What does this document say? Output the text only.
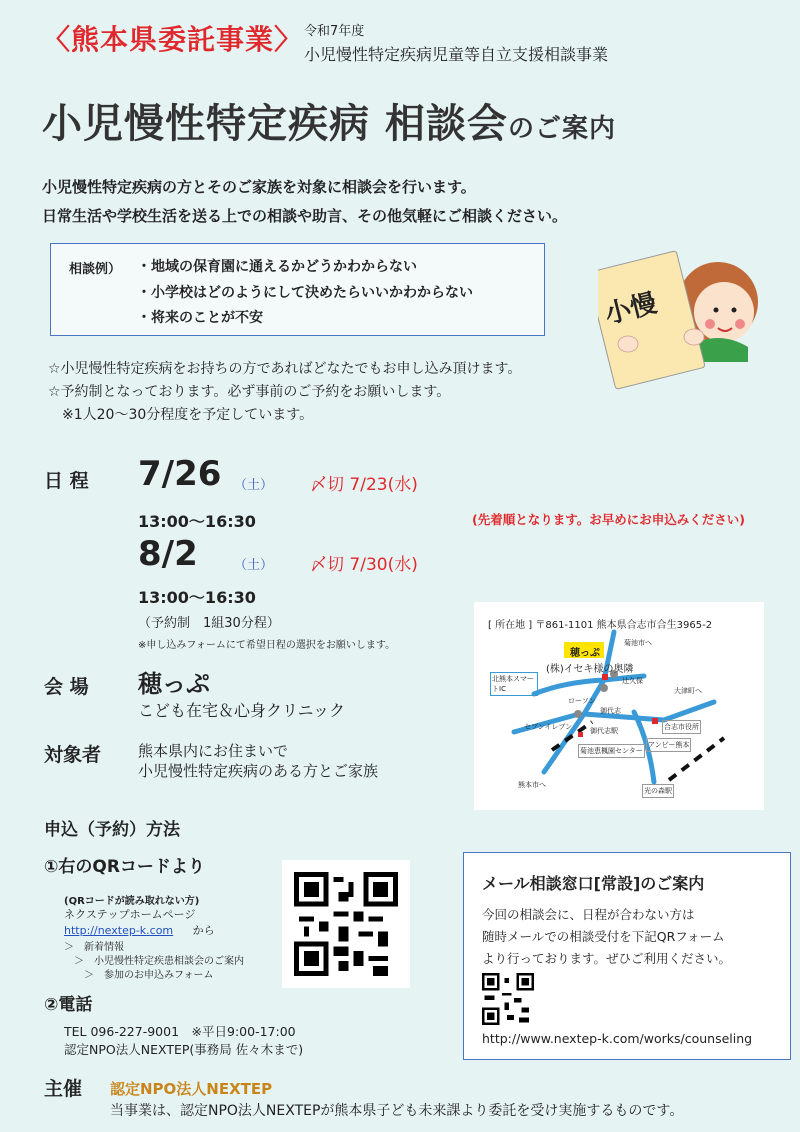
〈熊本県委託事業〉 令和7年度
小児慢性特定疾病児童等自立支援相談事業
小児慢性特定疾病 相談会のご案内
小児慢性特定疾病の方とそのご家族を対象に相談会を行います。
日常生活や学校生活を送る上での相談や助言、その他気軽にご相談ください。
相談例） ・地域の保育園に通えるかどうかわからない
・小学校はどのようにして決めたらいいかわからない
・将来のことが不安	小慢
☆小児慢性特定疾病をお持ちの方であればどなたでもお申し込み頂けます。
☆予約制となっております。必ず事前のご予約をお願いします。
　※1人20～30分程度を予定しています。
日 程 7/26 （土） 〆切 7/23(水)
13:00～16:30	(先着順となります。お早めにお申込みください)
8/2	（土） 〆切 7/30(水)
13:00～16:30
（予約制　1組30分程）
※申し込みフォームにて希望日程の選択をお願いします。
会 場 穂っぷ
こども在宅＆心身クリニック
対象者 熊本県内にお住まいで
小児慢性特定疾病のある方とご家族
[ 所在地 ] 〒861-1101 熊本県合志市合生3965-2
穂っぷ
(株)イセキ様の奥隣
菊池市へ
辻久保
北熊本スマートIC
ローソン
大津町へ
合志市役所
御代志
セブンイレブン	御代志駅
アンビー熊本
菊池恵楓園センター
熊本市へ
光の森駅
申込（予約）方法
①右のQRコードより
(QRコードが読み取れない方)
ネクステップホームページ
http://nextep-k.com から
＞　新着情報
＞　小児慢性特定疾患相談会のご案内
＞　参加のお申込みフォーム
②電話
TEL 096-227-9001　※平日9:00-17:00
認定NPO法人NEXTEP(事務局 佐々木まで)
メール相談窓口[常設]のご案内
今回の相談会に、日程が合わない方は
随時メールでの相談受付を下記QRフォーム
より行っております。ぜひご利用ください。
http://www.nextep-k.com/works/counseling
主催 認定NPO法人NEXTEP
当事業は、認定NPO法人NEXTEPが熊本県子ども未来課より委託を受け実施するものです。
